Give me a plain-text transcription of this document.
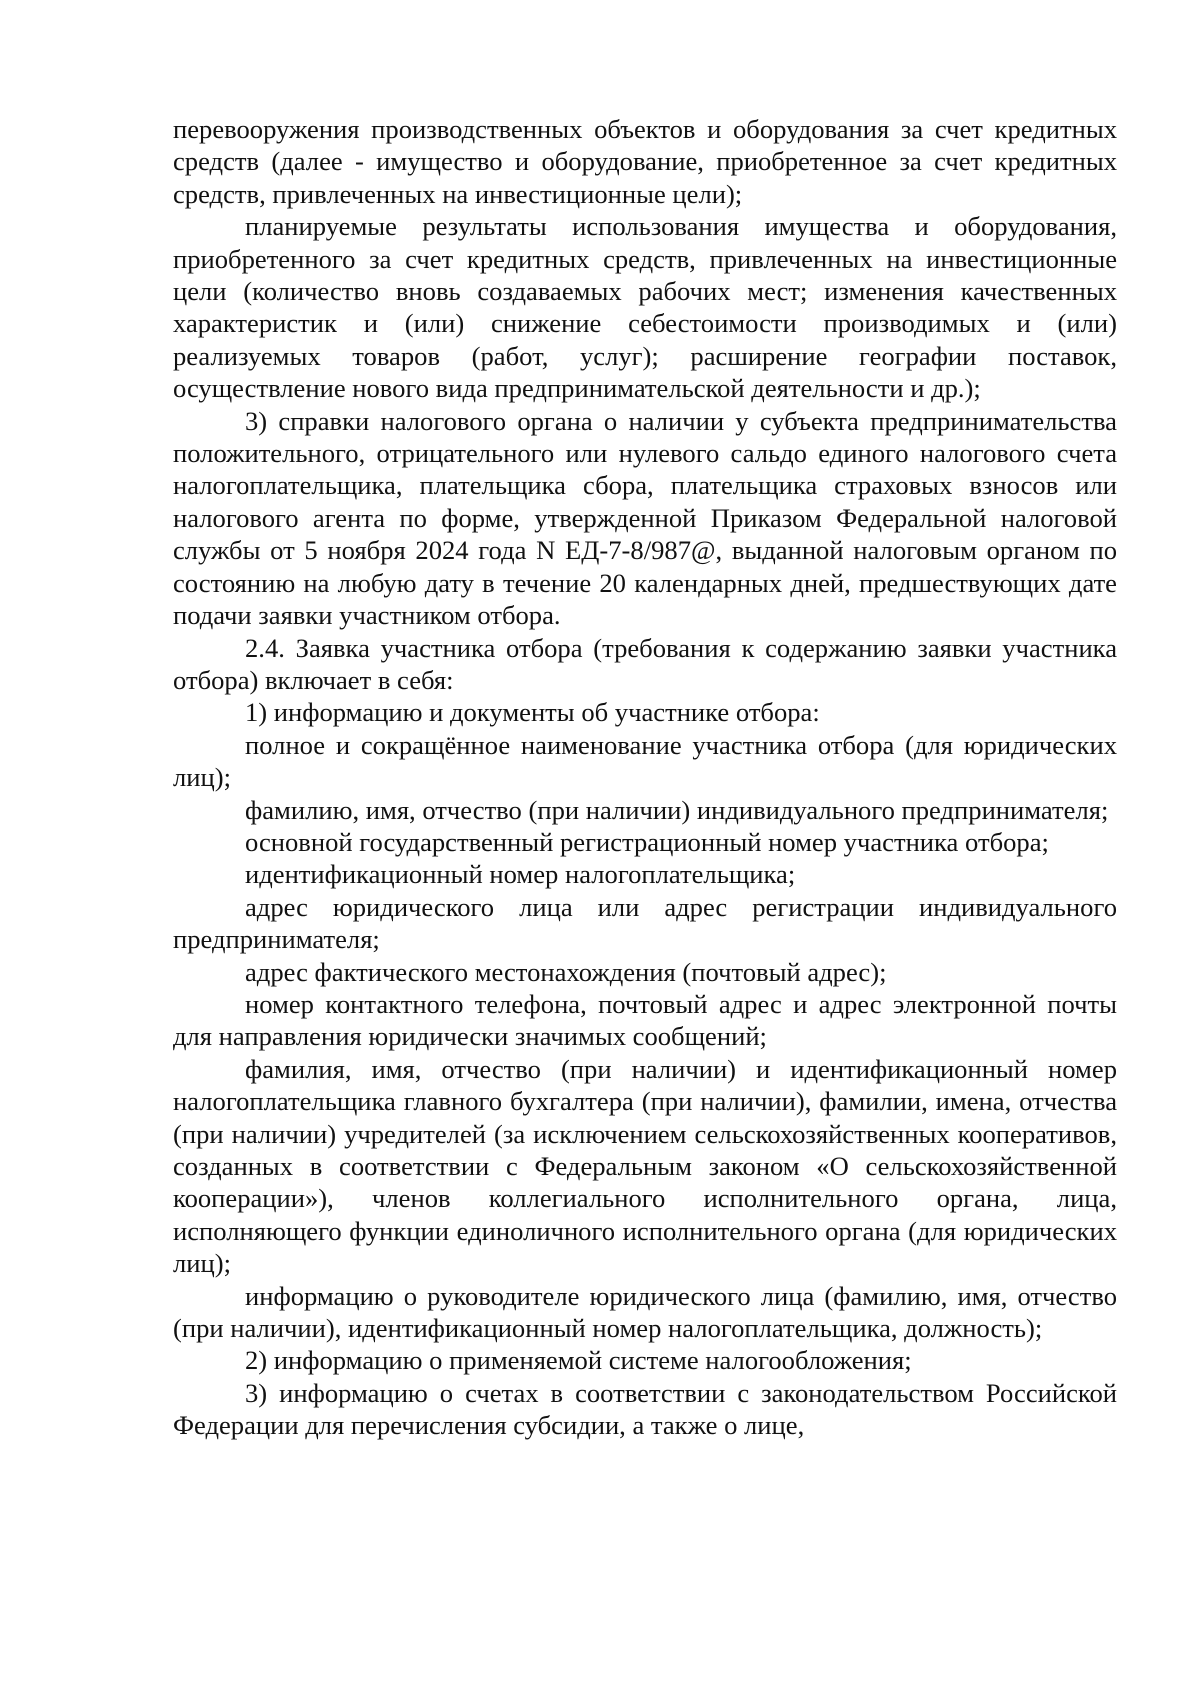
перевооружения производственных объектов и оборудования за счет кредитных средств (далее - имущество и оборудование, приобретенное за счет кредитных средств, привлеченных на инвестиционные цели);

планируемые результаты использования имущества и оборудования, приобретенного за счет кредитных средств, привлеченных на инвестиционные цели (количество вновь создаваемых рабочих мест; изменения качественных характеристик и (или) снижение себестоимости производимых и (или) реализуемых товаров (работ, услуг); расширение географии поставок, осуществление нового вида предпринимательской деятельности и др.);

3) справки налогового органа о наличии у субъекта предпринимательства положительного, отрицательного или нулевого сальдо единого налогового счета налогоплательщика, плательщика сбора, плательщика страховых взносов или налогового агента по форме, утвержденной Приказом Федеральной налоговой службы от 5 ноября 2024 года N ЕД-7-8/987@, выданной налоговым органом по состоянию на любую дату в течение 20 календарных дней, предшествующих дате подачи заявки участником отбора.

2.4. Заявка участника отбора (требования к содержанию заявки участника отбора) включает в себя:

1) информацию и документы об участнике отбора:

полное и сокращённое наименование участника отбора (для юридических лиц);

фамилию, имя, отчество (при наличии) индивидуального предпринимателя;

основной государственный регистрационный номер участника отбора;

идентификационный номер налогоплательщика;

адрес юридического лица или адрес регистрации индивидуального предпринимателя;

адрес фактического местонахождения (почтовый адрес);

номер контактного телефона, почтовый адрес и адрес электронной почты для направления юридически значимых сообщений;

фамилия, имя, отчество (при наличии) и идентификационный номер налогоплательщика главного бухгалтера (при наличии), фамилии, имена, отчества (при наличии) учредителей (за исключением сельскохозяйственных кооперативов, созданных в соответствии с Федеральным законом «О сельскохозяйственной кооперации»), членов коллегиального исполнительного органа, лица, исполняющего функции единоличного исполнительного органа (для юридических лиц);

информацию о руководителе юридического лица (фамилию, имя, отчество (при наличии), идентификационный номер налогоплательщика, должность);

2) информацию о применяемой системе налогообложения;

3) информацию о счетах в соответствии с законодательством Российской Федерации для перечисления субсидии, а также о лице,
